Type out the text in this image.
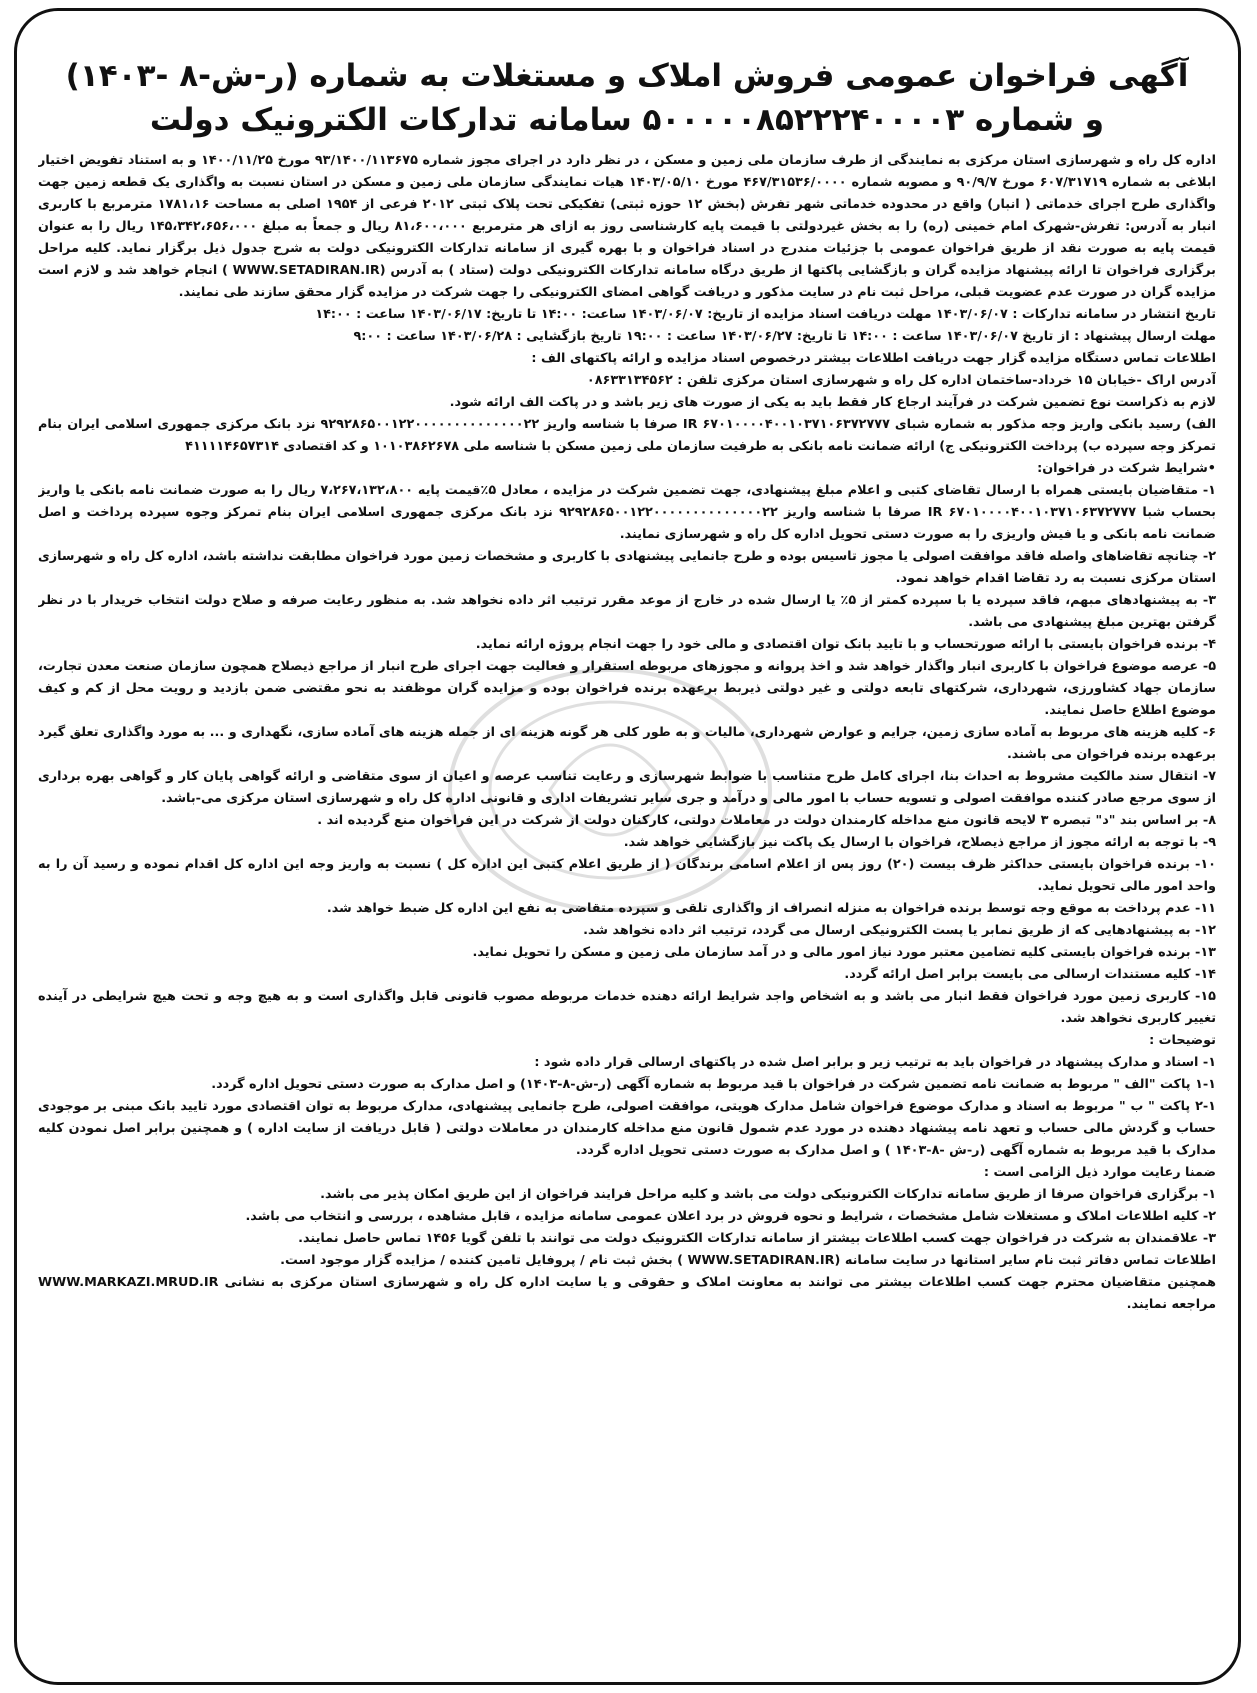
آگهی فراخوان عمومی فروش املاک و مستغلات به شماره (ر-ش-۸ -۱۴۰۳)
و شماره ۵۰۰۰۰۰۸۵۲۲۲۴۰۰۰۰۳ سامانه تدارکات الکترونیک دولت

اداره کل راه و شهرسازی استان مرکزی به نمایندگی از طرف سازمان ملی زمین و مسکن ، در نظر دارد در اجرای مجوز شماره ۹۳/۱۴۰۰/۱۱۳۶۷۵ مورخ ۱۴۰۰/۱۱/۲۵ و به استناد تفویض اختیار ابلاغی به شماره ۶۰۷/۳۱۷۱۹ مورخ ۹۰/۹/۷ و مصوبه شماره ۴۶۷/۳۱۵۳۶/۰۰۰۰ مورخ ۱۴۰۳/۰۵/۱۰ هیات نمایندگی سازمان ملی زمین و مسکن در استان نسبت به واگذاری یک قطعه زمین جهت واگذاری طرح اجرای خدماتی ( انبار) واقع در محدوده خدماتی شهر تفرش (بخش ۱۲ حوزه ثبتی) تفکیکی تحت پلاک ثبتی ۲۰۱۲ فرعی از ۱۹۵۴ اصلی به مساحت ۱۷۸۱،۱۶ مترمربع با کاربری انبار به آدرس: تفرش-شهرک امام خمینی (ره) را به بخش غیردولتی با قیمت پایه کارشناسی روز به ازای هر مترمربع ۸۱،۶۰۰،۰۰۰ ریال و جمعاً به مبلغ ۱۴۵،۳۴۲،۶۵۶،۰۰۰ ریال را به عنوان قیمت پایه به صورت نقد از طریق فراخوان عمومی با جزئیات مندرج در اسناد فراخوان و با بهره گیری از سامانه تدارکات الکترونیکی دولت به شرح جدول ذیل برگزار نماید. کلیه مراحل برگزاری فراخوان تا ارائه پیشنهاد مزایده گران و بازگشایی پاکتها از طریق درگاه سامانه تدارکات الکترونیکی دولت (ستاد ) به آدرس (WWW.SETADIRAN.IR ) انجام خواهد شد و لازم است مزایده گران در صورت عدم عضویت قبلی، مراحل ثبت نام در سایت مذکور و دریافت گواهی امضای الکترونیکی را جهت شرکت در مزایده گزار محقق سازند طی نمایند.

تاریخ انتشار در سامانه تدارکات : ۱۴۰۳/۰۶/۰۷ مهلت دریافت اسناد مزایده از تاریخ: ۱۴۰۳/۰۶/۰۷ ساعت: ۱۴:۰۰ تا تاریخ: ۱۴۰۳/۰۶/۱۷ ساعت : ۱۴:۰۰

مهلت ارسال پیشنهاد : از تاریخ ۱۴۰۳/۰۶/۰۷ ساعت : ۱۴:۰۰ تا تاریخ: ۱۴۰۳/۰۶/۲۷ ساعت : ۱۹:۰۰ تاریخ بازگشایی : ۱۴۰۳/۰۶/۲۸ ساعت : ۹:۰۰

اطلاعات تماس دستگاه مزایده گزار جهت دریافت اطلاعات بیشتر درخصوص اسناد مزایده و ارائه پاکتهای الف :

آدرس اراک -خیابان ۱۵ خرداد-ساختمان اداره کل راه و شهرسازی استان مرکزی تلفن : ۰۸۶۳۳۱۳۴۵۶۲

لازم به ذکراست نوع تضمین شرکت در فرآیند ارجاع کار فقط باید به یکی از صورت های زیر باشد و در پاکت الف ارائه شود.

الف) رسید بانکی واریز وجه مذکور به شماره شبای IR ۶۷۰۱۰۰۰۰۴۰۰۱۰۳۷۱۰۶۳۷۲۷۷۷ صرفا با شناسه واریز ۹۲۹۲۸۶۵۰۰۱۲۲۰۰۰۰۰۰۰۰۰۰۰۰۰۰۲۲ نزد بانک مرکزی جمهوری اسلامی ایران بنام تمرکز وجه سپرده ب) پرداخت الکترونیکی ج) ارائه ضمانت نامه بانکی به طرفیت سازمان ملی زمین مسکن با شناسه ملی ۱۰۱۰۳۸۶۲۶۷۸ و کد اقتصادی ۴۱۱۱۱۴۶۵۷۳۱۴

•شرایط شرکت در فراخوان:

۱- متقاضیان بایستی همراه با ارسال تقاضای کتبی و اعلام مبلغ پیشنهادی، جهت تضمین شرکت در مزایده ، معادل ۵٪قیمت پایه ۷،۲۶۷،۱۳۲،۸۰۰ ریال را به صورت ضمانت نامه بانکی یا واریز بحساب شبا IR ۶۷۰۱۰۰۰۰۴۰۰۱۰۳۷۱۰۶۳۷۲۷۷۷ صرفا با شناسه واریز ۹۲۹۲۸۶۵۰۰۱۲۲۰۰۰۰۰۰۰۰۰۰۰۰۰۰۲۲ نزد بانک مرکزی جمهوری اسلامی ایران بنام تمرکز وجوه سپرده پرداخت و اصل ضمانت نامه بانکی و یا فیش واریزی را به صورت دستی تحویل اداره کل راه و شهرسازی نمایند.

۲- چنانچه تقاضاهای واصله فاقد موافقت اصولی یا مجوز تاسیس بوده و طرح جانمایی پیشنهادی با کاربری و مشخصات زمین مورد فراخوان مطابقت نداشته باشد، اداره کل راه و شهرسازی استان مرکزی نسبت به رد تقاضا اقدام خواهد نمود.

۳- به پیشنهادهای مبهم، فاقد سپرده یا با سپرده کمتر از ۵٪ یا ارسال شده در خارج از موعد مقرر ترتیب اثر داده نخواهد شد. به منظور رعایت صرفه و صلاح دولت انتخاب خریدار با در نظر گرفتن بهترین مبلغ پیشنهادی می باشد.

۴- برنده فراخوان بایستی با ارائه صورتحساب و با تایید بانک توان اقتصادی و مالی خود را جهت انجام پروژه ارائه نماید.

۵- عرصه موضوع فراخوان با کاربری انبار واگذار خواهد شد و اخذ پروانه و مجوزهای مربوطه استقرار و فعالیت جهت اجرای طرح انبار از مراجع ذیصلاح همچون سازمان صنعت معدن تجارت، سازمان جهاد کشاورزی، شهرداری، شرکتهای تابعه دولتی و غیر دولتی ذیربط برعهده برنده فراخوان بوده و مزایده گران موظفند به نحو مقتضی ضمن بازدید و رویت محل از کم و کیف موضوع اطلاع حاصل نمایند.

۶- کلیه هزینه های مربوط به آماده سازی زمین، جرایم و عوارض شهرداری، مالیات و به طور کلی هر گونه هزینه ای از جمله هزینه های آماده سازی، نگهداری و ... به مورد واگذاری تعلق گیرد برعهده برنده فراخوان می باشند.

۷- انتقال سند مالکیت مشروط به احداث بنا، اجرای کامل طرح متناسب با ضوابط شهرسازی و رعایت تناسب عرصه و اعیان از سوی متقاضی و ارائه گواهی پایان کار و گواهی بهره برداری از سوی مرجع صادر کننده موافقت اصولی و تسویه حساب با امور مالی و درآمد و جری سایر تشریفات اداری و قانونی اداره کل راه و شهرسازی استان مرکزی می-باشد.

۸- بر اساس بند "د" تبصره ۳ لایحه قانون منع مداخله کارمندان دولت در معاملات دولتی، کارکنان دولت از شرکت در این فراخوان منع گردیده اند .

۹- با توجه به ارائه مجوز از مراجع ذیصلاح، فراخوان با ارسال یک پاکت نیز بازگشایی خواهد شد.

۱۰- برنده فراخوان بایستی حداکثر ظرف بیست (۲۰) روز پس از اعلام اسامی برندگان ( از طریق اعلام کتبی این اداره کل ) نسبت به واریز وجه این اداره کل اقدام نموده و رسید آن را به واحد امور مالی تحویل نماید.

۱۱- عدم پرداخت به موقع وجه توسط برنده فراخوان به منزله انصراف از واگذاری تلقی و سپرده متقاضی به نفع این اداره کل ضبط خواهد شد.

۱۲- به پیشنهادهایی که از طریق نمابر یا پست الکترونیکی ارسال می گردد، ترتیب اثر داده نخواهد شد.

۱۳- برنده فراخوان بایستی کلیه تضامین معتبر مورد نیاز امور مالی و در آمد سازمان ملی زمین و مسکن را تحویل نماید.

۱۴- کلیه مستندات ارسالی می بایست برابر اصل ارائه گردد.

۱۵- کاربری زمین مورد فراخوان فقط انبار می باشد و به اشخاص واجد شرایط ارائه دهنده خدمات مربوطه مصوب قانونی قابل واگذاری است و به هیچ وجه و تحت هیچ شرایطی در آینده تغییر کاربری نخواهد شد.

توضیحات :

۱- اسناد و مدارک پیشنهاد در فراخوان باید به ترتیب زیر و برابر اصل شده در پاکتهای ارسالی قرار داده شود :

۱-۱ پاکت "الف " مربوط به ضمانت نامه تضمین شرکت در فراخوان با قید مربوط به شماره آگهی (ر-ش-۸-۱۴۰۳) و اصل مدارک به صورت دستی تحویل اداره گردد.

۲-۱ پاکت " ب " مربوط به اسناد و مدارک موضوع فراخوان شامل مدارک هویتی، موافقت اصولی، طرح جانمایی پیشنهادی، مدارک مربوط به توان اقتصادی مورد تایید بانک مبنی بر موجودی حساب و گردش مالی حساب و تعهد نامه پیشنهاد دهنده در مورد عدم شمول قانون منع مداخله کارمندان در معاملات دولتی ( قابل دریافت از سایت اداره ) و همچنین برابر اصل نمودن کلیه مدارک با قید مربوط به شماره آگهی (ر-ش -۸-۱۴۰۳ ) و اصل مدارک به صورت دستی تحویل اداره گردد.

ضمنا رعایت موارد ذیل الزامی است :

۱- برگزاری فراخوان صرفا از طریق سامانه تدارکات الکترونیکی دولت می باشد و کلیه مراحل فرایند فراخوان از این طریق امکان پذیر می باشد.

۲- کلیه اطلاعات املاک و مستغلات شامل مشخصات ، شرایط و نحوه فروش در برد اعلان عمومی سامانه مزایده ، قابل مشاهده ، بررسی و انتخاب می باشد.

۳- علاقمندان به شرکت در فراخوان جهت کسب اطلاعات بیشتر از سامانه تدارکات الکترونیک دولت می توانند با تلفن گویا ۱۴۵۶ تماس حاصل نمایند.

اطلاعات تماس دفاتر ثبت نام سایر استانها در سایت سامانه (WWW.SETADIRAN.IR ) بخش ثبت نام / پروفایل تامین کننده / مزایده گزار موجود است.

همچنین متقاضیان محترم جهت کسب اطلاعات بیشتر می توانند به معاونت املاک و حقوقی و یا سایت اداره کل راه و شهرسازی استان مرکزی به نشانی WWW.MARKAZI.MRUD.IR مراجعه نمایند.
